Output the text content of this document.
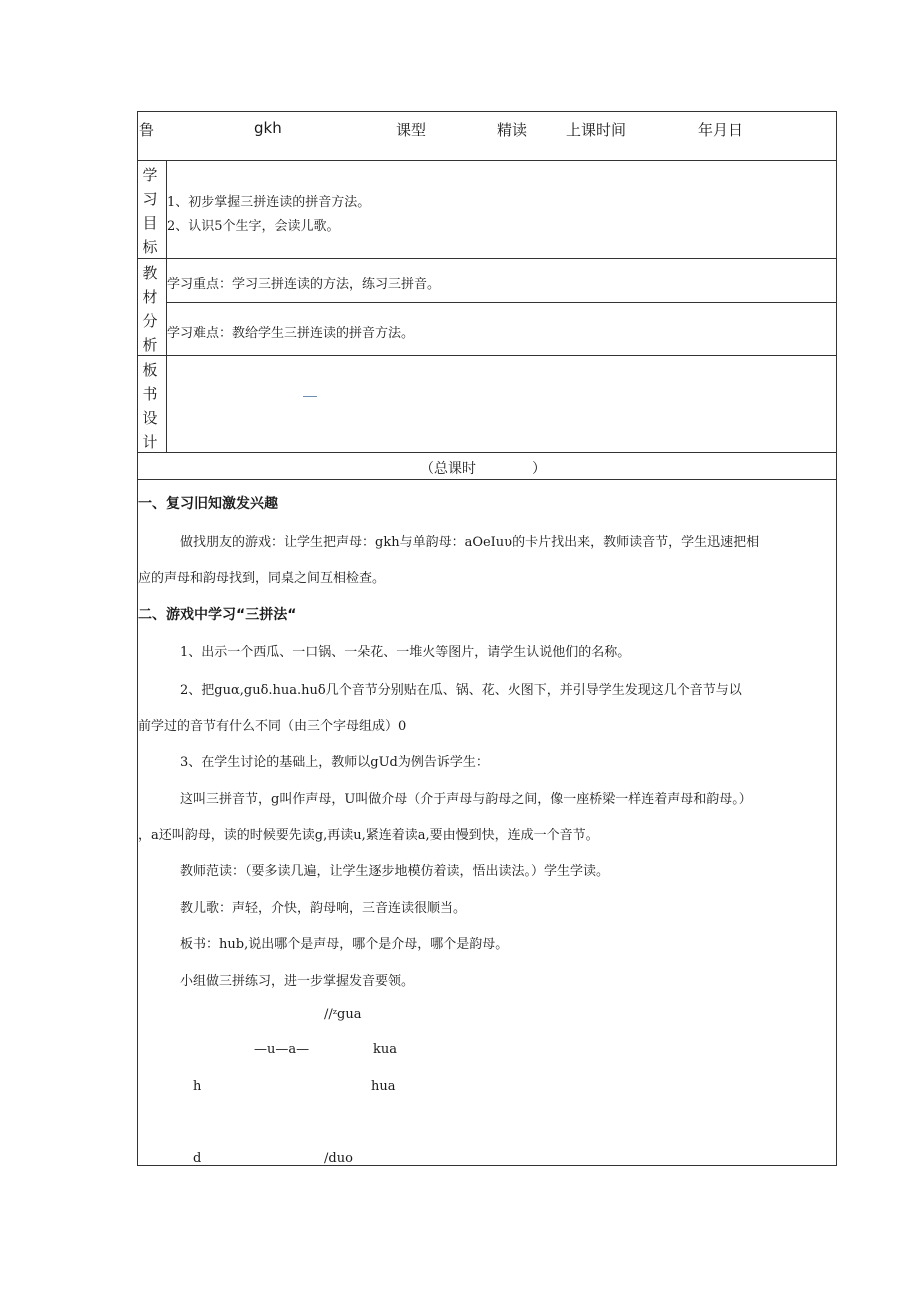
鲁	gkh	课型	精读	上课时间	年月日
学
习
目
标
1、初步掌握三拼连读的拼音方法。
2、认识5个生字，会读儿歌。
教
材
分
析
学习重点：学习三拼连读的方法，练习三拼音。
学习难点：教给学生三拼连读的拼音方法。
板
书
设
计
（总课时　　　　）
一、复习旧知激发兴趣
做找朋友的游戏：让学生把声母：gkh与单韵母：aOeIuυ的卡片找出来，教师读音节，学生迅速把相
应的声母和韵母找到，同桌之间互相检查。
二、游戏中学习“三拼法“
1、出示一个西瓜、一口锅、一朵花、一堆火等图片，请学生认说他们的名称。
2、把guα,guδ.hua.huδ几个音节分别贴在瓜、锅、花、火图下，并引导学生发现这几个音节与以
前学过的音节有什么不同（由三个字母组成）0
3、在学生讨论的基础上，教师以gUd为例告诉学生：
这叫三拼音节，g叫作声母，U叫做介母（介于声母与韵母之间，像一座桥梁一样连着声母和韵母。）
，a还叫韵母，读的时候要先读g,再读u,紧连着读a,要由慢到快，连成一个音节。
教师范读：（要多读几遍，让学生逐步地模仿着读，悟出读法。）学生学读。
教儿歌：声轻，介快，韵母响，三音连读很顺当。
板书：hub,说出哪个是声母，哪个是介母，哪个是韵母。
小组做三拼练习，进一步掌握发音要领。
//ᶻgua
—u—a—	kua
h	hua
d	/duo
